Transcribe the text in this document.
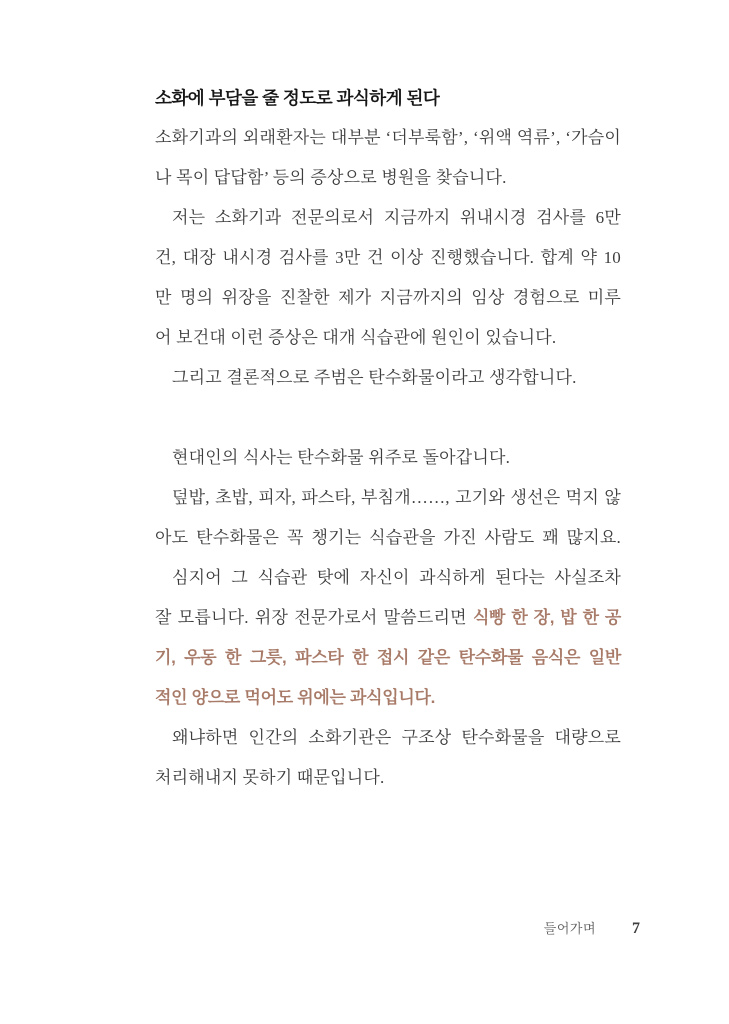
소화에 부담을 줄 정도로 과식하게 된다
소화기과의 외래환자는 대부분 ‘더부룩함’, ‘위액 역류’, ‘가슴이
나 목이 답답함’ 등의 증상으로 병원을 찾습니다.
저는 소화기과 전문의로서 지금까지 위내시경 검사를 6만
건, 대장 내시경 검사를 3만 건 이상 진행했습니다. 합계 약 10
만 명의 위장을 진찰한 제가 지금까지의 임상 경험으로 미루
어 보건대 이런 증상은 대개 식습관에 원인이 있습니다.
그리고 결론적으로 주범은 탄수화물이라고 생각합니다.
현대인의 식사는 탄수화물 위주로 돌아갑니다.
덮밥, 초밥, 피자, 파스타, 부침개……, 고기와 생선은 먹지 않
아도 탄수화물은 꼭 챙기는 식습관을 가진 사람도 꽤 많지요.
심지어 그 식습관 탓에 자신이 과식하게 된다는 사실조차
잘 모릅니다. 위장 전문가로서 말씀드리면 식빵 한 장, 밥 한 공
기, 우동 한 그릇, 파스타 한 접시 같은 탄수화물 음식은 일반
적인 양으로 먹어도 위에는 과식입니다.
왜냐하면 인간의 소화기관은 구조상 탄수화물을 대량으로
처리해내지 못하기 때문입니다.
들어가며 7
